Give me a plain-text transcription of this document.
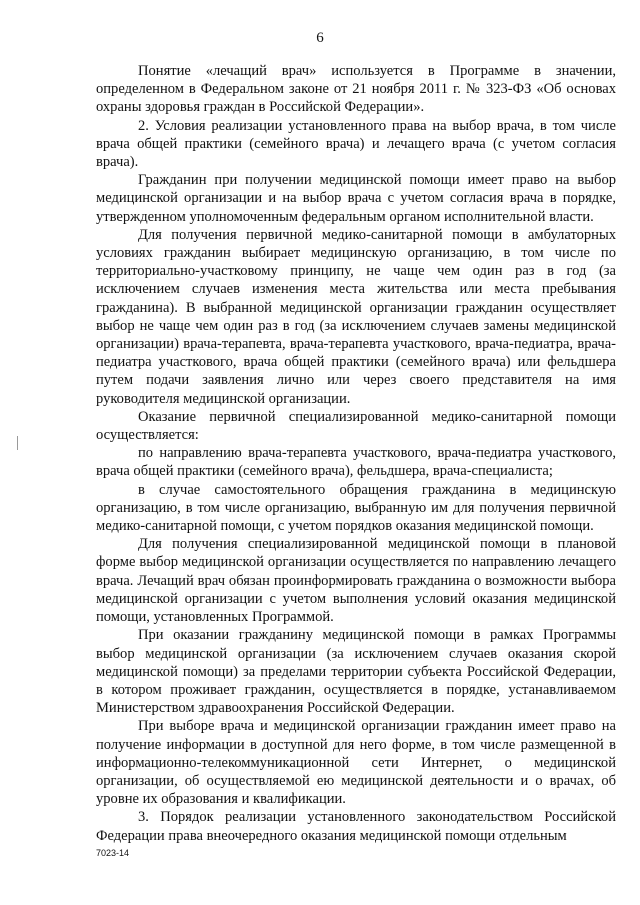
6

Понятие «лечащий врач» используется в Программе в значении, определенном в Федеральном законе от 21 ноября 2011 г. № 323-ФЗ «Об основах охраны здоровья граждан в Российской Федерации».

2. Условия реализации установленного права на выбор врача, в том числе врача общей практики (семейного врача) и лечащего врача (с учетом согласия врача).

Гражданин при получении медицинской помощи имеет право на выбор медицинской организации и на выбор врача с учетом согласия врача в порядке, утвержденном уполномоченным федеральным органом исполнительной власти.

Для получения первичной медико-санитарной помощи в амбулаторных условиях гражданин выбирает медицинскую организацию, в том числе по территориально-участковому принципу, не чаще чем один раз в год (за исключением случаев изменения места жительства или места пребывания гражданина). В выбранной медицинской организации гражданин осуществляет выбор не чаще чем один раз в год (за исключением случаев замены медицинской организации) врача-терапевта, врача-терапевта участкового, врача-педиатра, врача-педиатра участкового, врача общей практики (семейного врача) или фельдшера путем подачи заявления лично или через своего представителя на имя руководителя медицинской организации.

Оказание первичной специализированной медико-санитарной помощи осуществляется:

по направлению врача-терапевта участкового, врача-педиатра участкового, врача общей практики (семейного врача), фельдшера, врача-специалиста;

в случае самостоятельного обращения гражданина в медицинскую организацию, в том числе организацию, выбранную им для получения первичной медико-санитарной помощи, с учетом порядков оказания медицинской помощи.

Для получения специализированной медицинской помощи в плановой форме выбор медицинской организации осуществляется по направлению лечащего врача. Лечащий врач обязан проинформировать гражданина о возможности выбора медицинской организации с учетом выполнения условий оказания медицинской помощи, установленных Программой.

При оказании гражданину медицинской помощи в рамках Программы выбор медицинской организации (за исключением случаев оказания скорой медицинской помощи) за пределами территории субъекта Российской Федерации, в котором проживает гражданин, осуществляется в порядке, устанавливаемом Министерством здравоохранения Российской Федерации.

При выборе врача и медицинской организации гражданин имеет право на получение информации в доступной для него форме, в том числе размещенной в информационно-телекоммуникационной сети Интернет, о медицинской организации, об осуществляемой ею медицинской деятельности и о врачах, об уровне их образования и квалификации.

3. Порядок реализации установленного законодательством Российской Федерации права внеочередного оказания медицинской помощи отдельным

7023-14
